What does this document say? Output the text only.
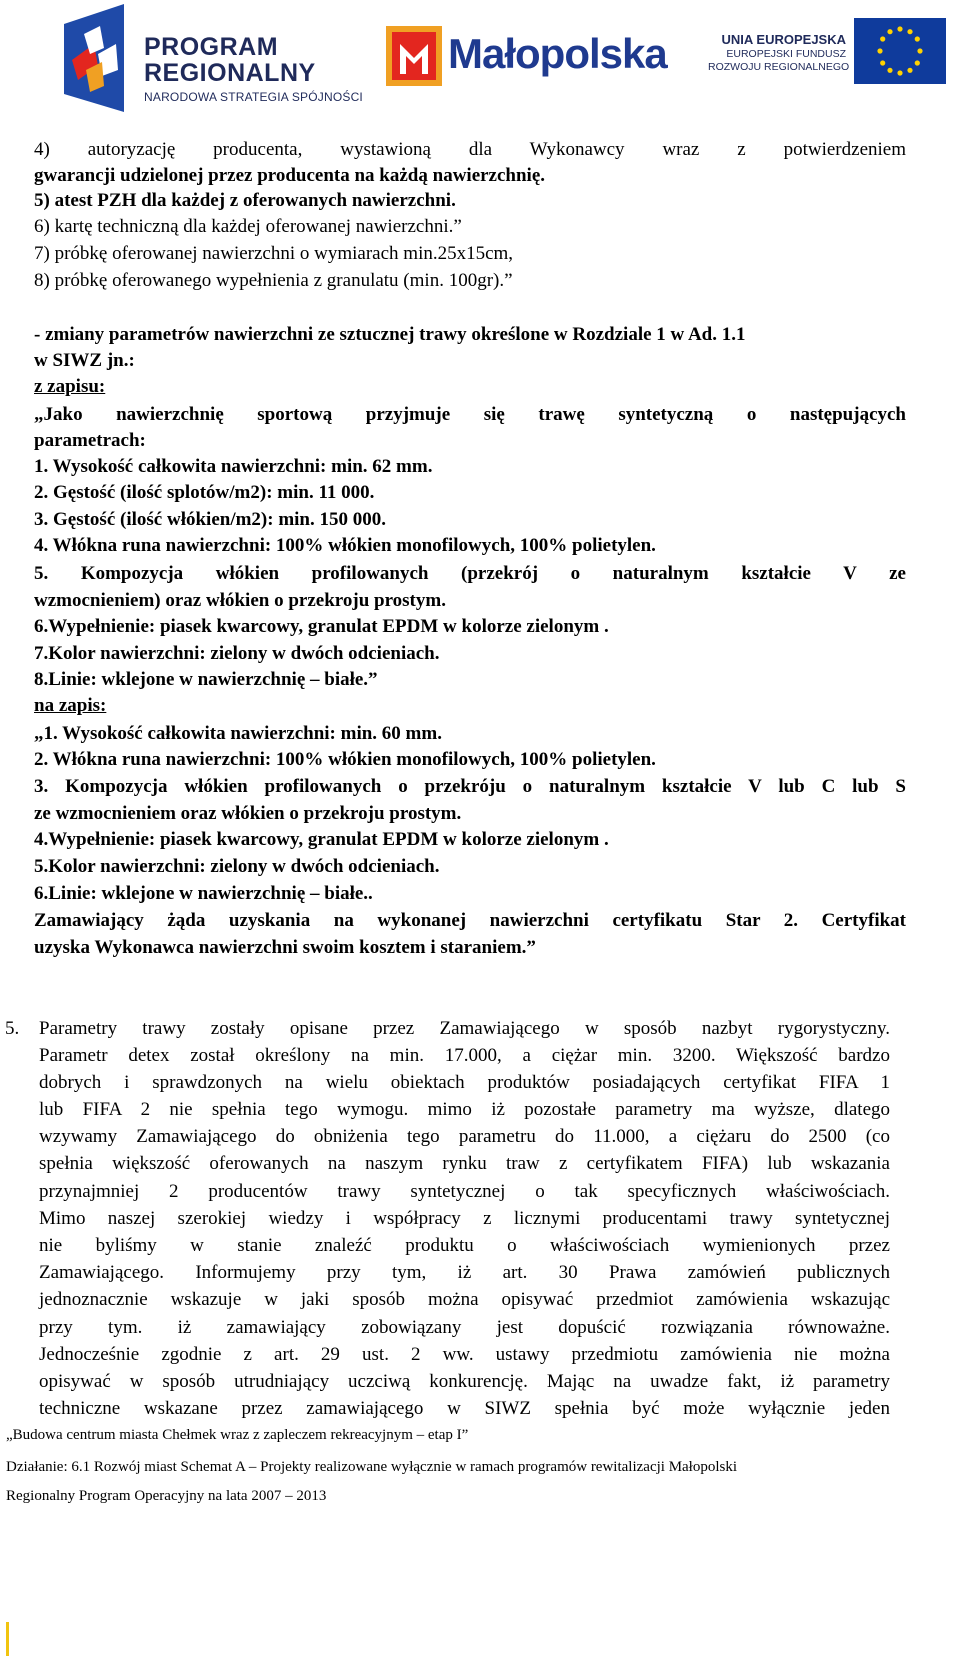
PROGRAM
REGIONALNY
NARODOWA STRATEGIA SPÓJNOŚCI
Małopolska	UNIA EUROPEJSKA
EUROPEJSKI FUNDUSZ
ROZWOJU REGIONALNEGO
4) autoryzację producenta, wystawioną dla Wykonawcy wraz z potwierdzeniem
gwarancji udzielonej przez producenta na każdą nawierzchnię.
5) atest PZH dla każdej z oferowanych nawierzchni.
6) kartę techniczną dla każdej oferowanej nawierzchni.”
7) próbkę oferowanej nawierzchni o wymiarach min.25x15cm,
8) próbkę oferowanego wypełnienia z granulatu (min. 100gr).”
- zmiany parametrów nawierzchni ze sztucznej trawy określone w Rozdziale 1 w Ad. 1.1
w SIWZ jn.:
z zapisu:
„Jako nawierzchnię sportową przyjmuje się trawę syntetyczną o następujących
parametrach:
1. Wysokość całkowita nawierzchni: min. 62 mm.
2. Gęstość (ilość splotów/m2): min. 11 000.
3. Gęstość (ilość włókien/m2): min. 150 000.
4. Włókna runa nawierzchni: 100% włókien monofilowych, 100% polietylen.
5. Kompozycja włókien profilowanych (przekrój o naturalnym kształcie V ze
wzmocnieniem) oraz włókien o przekroju prostym.
6.Wypełnienie: piasek kwarcowy, granulat EPDM w kolorze zielonym .
7.Kolor nawierzchni: zielony w dwóch odcieniach.
8.Linie: wklejone w nawierzchnię – białe.”
na zapis:
„1. Wysokość całkowita nawierzchni: min. 60 mm.
2. Włókna runa nawierzchni: 100% włókien monofilowych, 100% polietylen.
3. Kompozycja włókien profilowanych o przekróju o naturalnym kształcie V lub C lub S
ze wzmocnieniem oraz włókien o przekroju prostym.
4.Wypełnienie: piasek kwarcowy, granulat EPDM w kolorze zielonym .
5.Kolor nawierzchni: zielony w dwóch odcieniach.
6.Linie: wklejone w nawierzchnię – białe..
Zamawiający żąda uzyskania na wykonanej nawierzchni certyfikatu Star 2. Certyfikat
uzyska Wykonawca nawierzchni swoim kosztem i staraniem.”
5. Parametry trawy zostały opisane przez Zamawiającego w sposób nazbyt rygorystyczny.
Parametr detex został określony na min. 17.000, a ciężar min. 3200. Większość bardzo
dobrych i sprawdzonych na wielu obiektach produktów posiadających certyfikat FIFA 1
lub FIFA 2 nie spełnia tego wymogu. mimo iż pozostałe parametry ma wyższe, dlatego
wzywamy Zamawiającego do obniżenia tego parametru do 11.000, a ciężaru do 2500 (co
spełnia większość oferowanych na naszym rynku traw z certyfikatem FIFA) lub wskazania
przynajmniej 2 producentów trawy syntetycznej o tak specyficznych właściwościach.
Mimo naszej szerokiej wiedzy i współpracy z licznymi producentami trawy syntetycznej
nie byliśmy w stanie znaleźć produktu o właściwościach wymienionych przez
Zamawiającego. Informujemy przy tym, iż art. 30 Prawa zamówień publicznych
jednoznacznie wskazuje w jaki sposób można opisywać przedmiot zamówienia wskazując
przy tym. iż zamawiający zobowiązany jest dopuścić rozwiązania równoważne.
Jednocześnie zgodnie z art. 29 ust. 2 ww. ustawy przedmiotu zamówienia nie można
opisywać w sposób utrudniający uczciwą konkurencję. Mając na uwadze fakt, iż parametry
techniczne wskazane przez zamawiającego w SIWZ spełnia być może wyłącznie jeden
„Budowa centrum miasta Chełmek wraz z zapleczem rekreacyjnym – etap I”
Działanie: 6.1 Rozwój miast Schemat A – Projekty realizowane wyłącznie w ramach programów rewitalizacji Małopolski
Regionalny Program Operacyjny na lata 2007 – 2013
